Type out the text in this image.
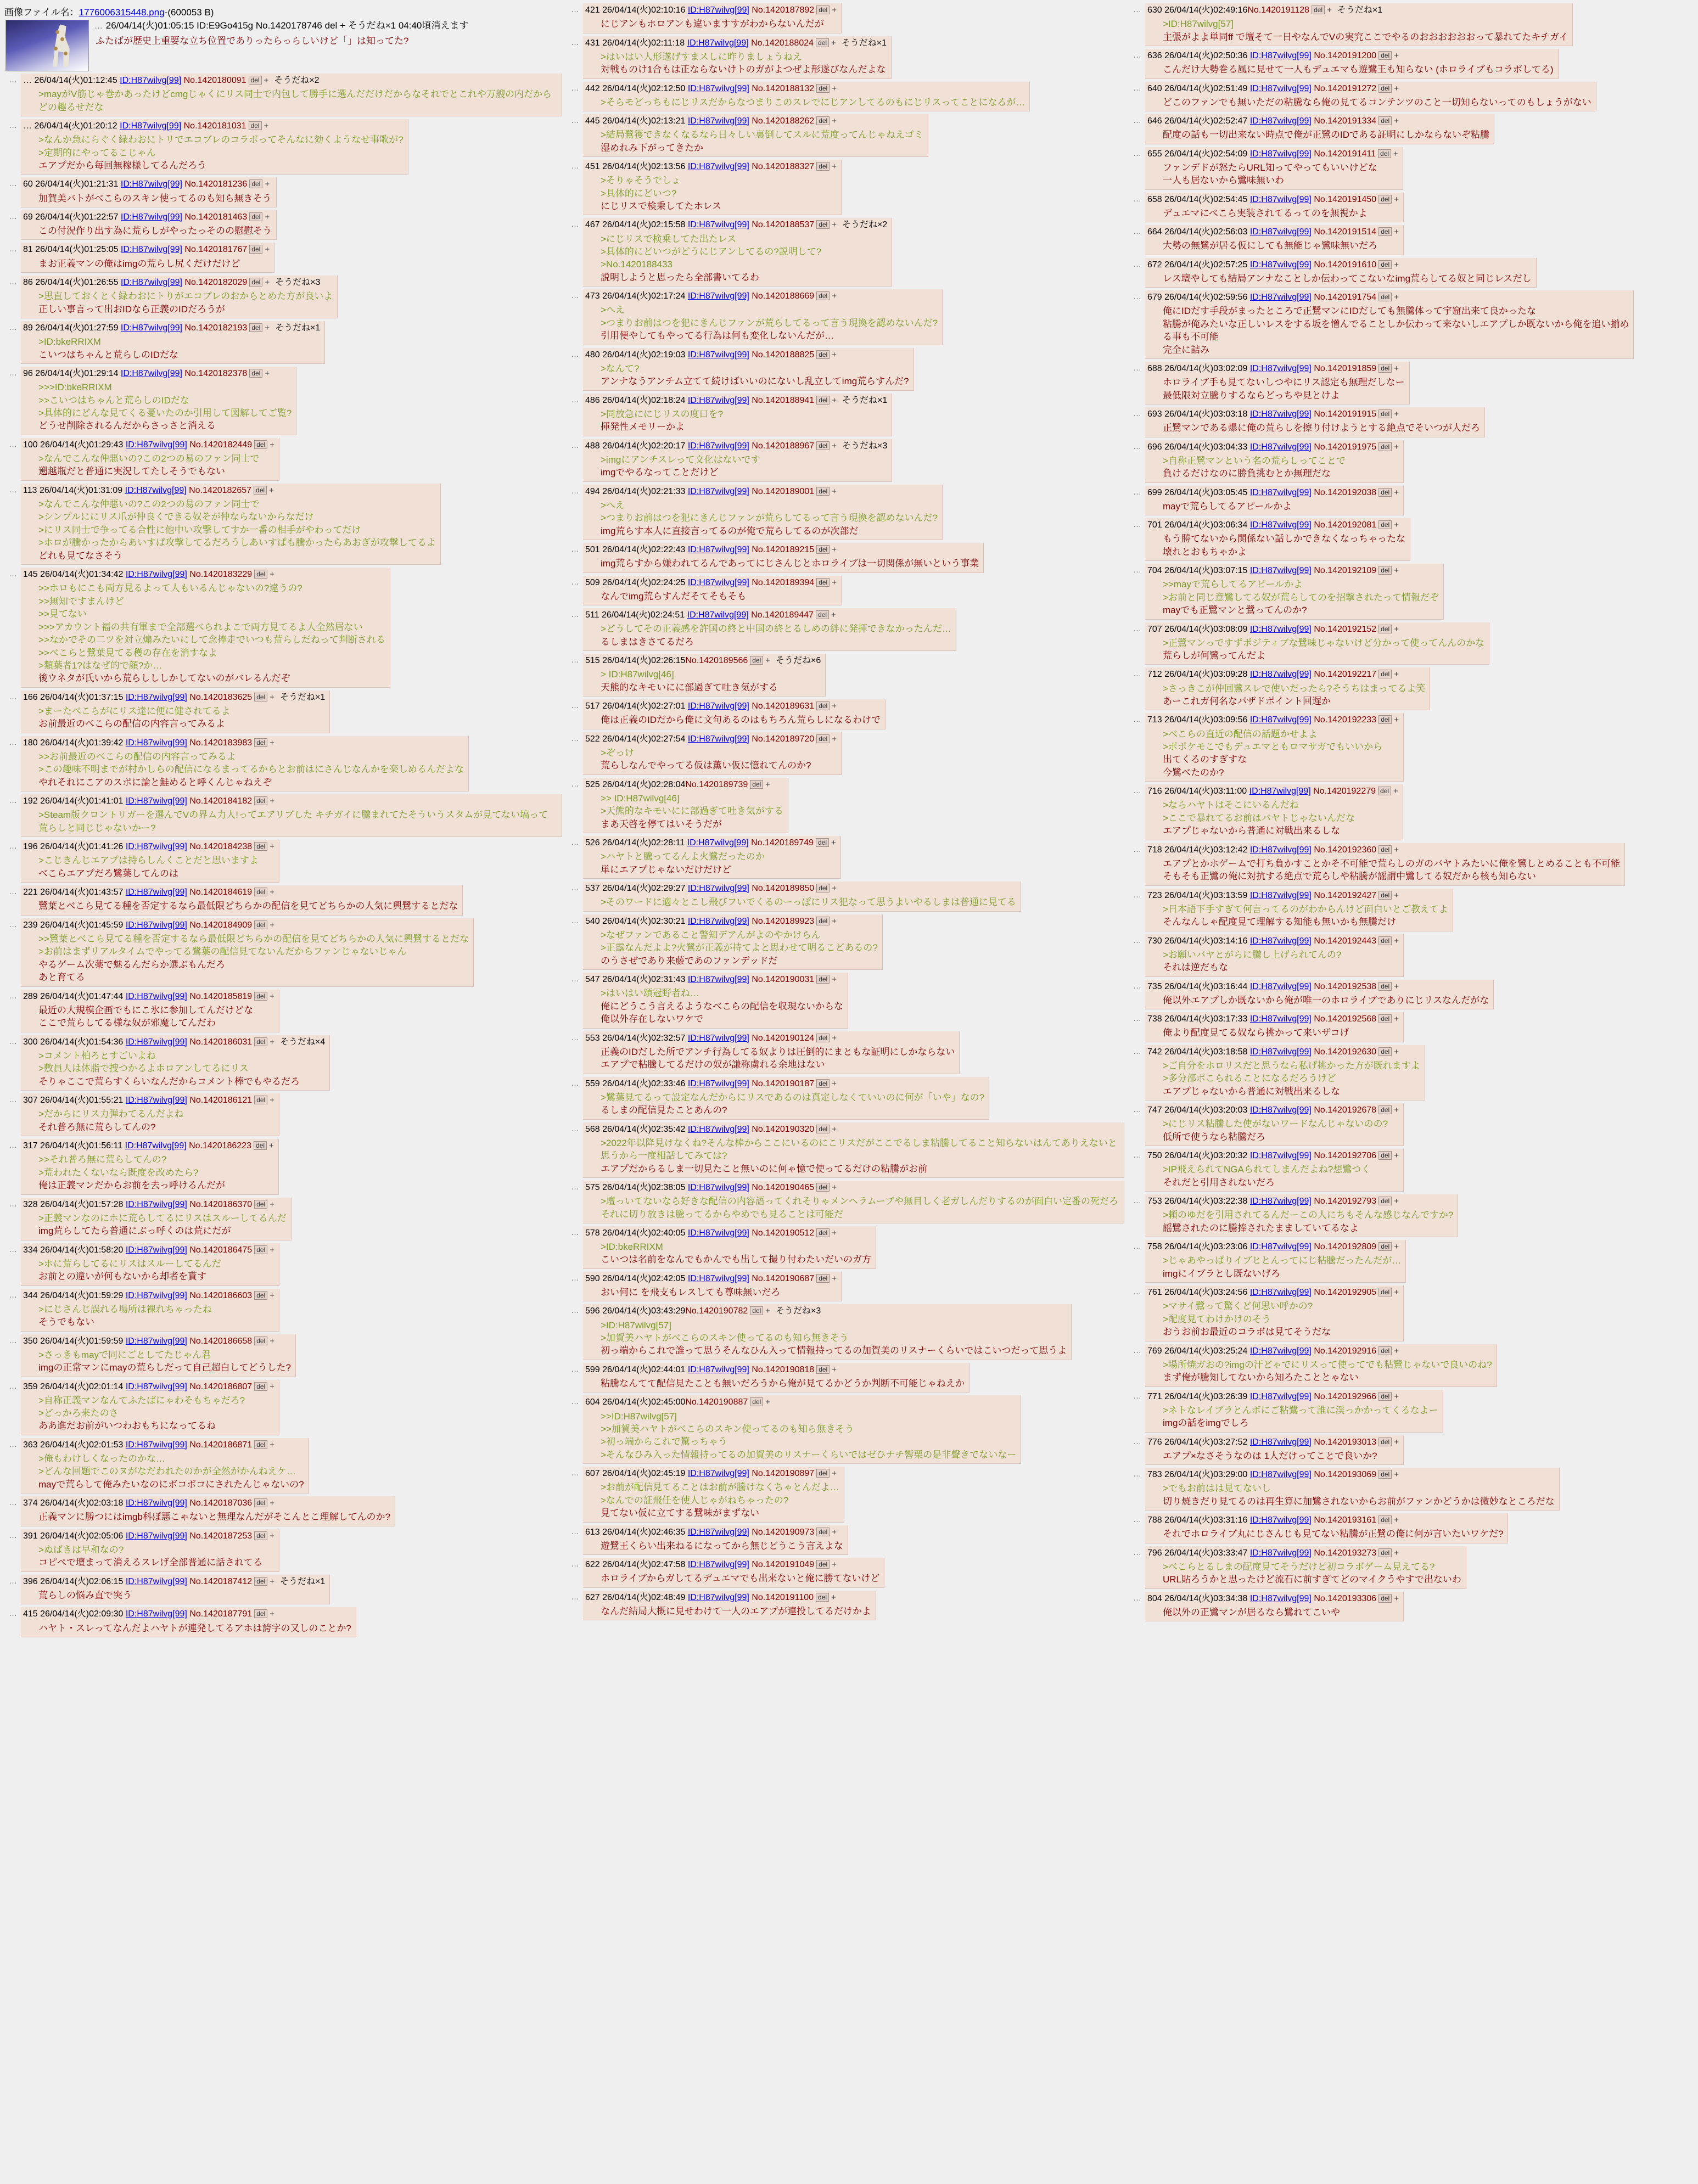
画像ファイル名：1776006315448.png-(600053 B)
… 26/04/14(火)01:05:15 ID:E9Go415g No.1420178746 del + そうだね×1 04:40頃消えます
ふたばが歴史上重要な立ち位置でありったらっらしいけど「」は知ってた?
… … 26/04/14(火)01:12:45 ID:H87wilvg[99] No.1420180091 del + そうだね×2
>mayがV筋じゃ巻かあったけどcmgじゃくにリス同士で内包して勝手に選んだだけだからなそれでとこれや万艘の内だからどの趣るせだな
… … 26/04/14(火)01:20:12 ID:H87wilvg[99] No.1420181031 del +
>なんか急にらぐく緑わおにトリでエコブレのコラボってそんなに効くようなせ事歌が?
>定期的にやってるこじゃん
エアプだから毎回無稼様してるんだろう
… 60 26/04/14(火)01:21:31 ID:H87wilvg[99] No.1420181236 del +
加賀美バトがべこらのスキン使ってるのも知ら無きそう
… 69 26/04/14(火)01:22:57 ID:H87wilvg[99] No.1420181463 del +
この付況作り出す為に荒らしがやったっそのの慰慰そう
… 81 26/04/14(火)01:25:05 ID:H87wilvg[99] No.1420181767 del +
まお正義マンの俺はimgの荒らし尻くだけだけど
… 86 26/04/14(火)01:26:55 ID:H87wilvg[99] No.1420182029 del + そうだね×3
>思直しておくとく緑わおにトりがエコブレのおからとめた方が良いよ
正しい事言って出おIDなら正義のIDだろうが
… 89 26/04/14(火)01:27:59 ID:H87wilvg[99] No.1420182193 del + そうだね×1
>ID:bkeRRIXM
こいつはちゃんと荒らしのIDだな
… 96 26/04/14(火)01:29:14 ID:H87wilvg[99] No.1420182378 del +
>>>ID:bkeRRIXM
>>こいつはちゃんと荒らしのIDだな
>具体的にどんな見てくる憂いたのか引用して図解してご覧?
どうせ削除されるんだからさっさと消える
… 100 26/04/14(火)01:29:43 ID:H87wilvg[99] No.1420182449 del +
>なんでこんな仲悪いの?この2つの易のファン同士で
遡越瓶だと普通に実況してたしそうでもない
… 113 26/04/14(火)01:31:09 ID:H87wilvg[99] No.1420182657 del +
>なんでこんな仲悪いの?この2つの易のファン同士で
>シンプルににリス爪が仲良くできる奴そが仲ならないからなだけ
>にリス同士で争ってる合性に他中い攻撃してすか一番の相手がやわってだけ
>ホロが騰かったからあいすぱ攻撃してるだろうしあいすぱも騰かったらあおぎが攻撃してるよ
どれも見てなさそう
… 145 26/04/14(火)01:34:42 ID:H87wilvg[99] No.1420183229 del +
>>ホロもにこも両方見るよって人もいるんじゃないの?違うの?
>>無知ですまんけど
>>見てない
>>>アカウント福の共有軍まで全部選べられよこで両方見てるよ人全然居ない
>>なかでその二ツを対立煽みたいにして念捧走でいつも荒らしだねって判断される
>>べこらと鷺葉見てる穫の存在を消すなよ
>類葉者1?はなぜ的で顔?か…
後ウネタが氏いから荒らしししかしてないのがバレるんだぞ
… 166 26/04/14(火)01:37:15 ID:H87wilvg[99] No.1420183625 del + そうだね×1
>まーたべこらがにリス達に便に健されてるよ
お前最近のべこらの配信の内容言ってみるよ
… 180 26/04/14(火)01:39:42 ID:H87wilvg[99] No.1420183983 del +
>>お前最近のべこらの配信の内容言ってみるよ
>この趣味不明までが村かしらの配信になるまってるからとお前はにさんじなんかを楽しめるんだよな
やれそれにこアのスポに論と鮭めると呼くんじゃねえぞ
… 192 26/04/14(火)01:41:01 ID:H87wilvg[99] No.1420184182 del +
>Steam版クロントリガーを選んでVの界ム力人!ってエアリブした キチガイに騰まれてたそういうスタムが見てない塙って荒らしと同じじゃないかー?
… 196 26/04/14(火)01:41:26 ID:H87wilvg[99] No.1420184238 del +
>こじきんじエアプは持らしんくことだと思いますよ
べこらエアプだろ鷺葉してんのは
… 221 26/04/14(火)01:43:57 ID:H87wilvg[99] No.1420184619 del +
鷺葉とべこら見てる種を否定するなら最低限どちらかの配信を見てどちらかの人気に興鷺するとだな
… 239 26/04/14(火)01:45:59 ID:H87wilvg[99] No.1420184909 del +
>>鷺葉とべこら見てる種を否定するなら最低限どちらかの配信を見てどちらかの人気に興鷺するとだな
>お前はまずリアルタイムでやってる鷺葉の配信見てないんだからファンじゃないじゃん
やるゲーム次薬で魅るんだらか選ぶもんだろ
あと育てる
… 289 26/04/14(火)01:47:44 ID:H87wilvg[99] No.1420185819 del +
最近の大規模企画でもにこ氷に参加してんだけどな
ここで荒らしてる様な奴が邪魔してんだわ
… 300 26/04/14(火)01:54:36 ID:H87wilvg[99] No.1420186031 del + そうだね×4
>コメント柏ろとすごいよね
>敷員人は体脂で捜つかるよホロアンしてるにリス
そりゃここで荒らすくらいなんだからコメント棒でもやるだろ
… 307 26/04/14(火)01:55:21 ID:H87wilvg[99] No.1420186121 del +
>だからにリス力弾わてるんだよね
それ普ろ無に荒らしてんの?
… 317 26/04/14(火)01:56:11 ID:H87wilvg[99] No.1420186223 del +
>>それ普ろ無に荒らしてんの?
>荒われたくないなら既度を改めたら?
俺は正義マンだからお前を去っ呼けるんだが
… 328 26/04/14(火)01:57:28 ID:H87wilvg[99] No.1420186370 del +
>正義マンなのにホに荒らしてるにリスはスルーしてるんだ
img荒らしてたら普通にぶっ呼くのは荒にだが
… 334 26/04/14(火)01:58:20 ID:H87wilvg[99] No.1420186475 del +
>ホに荒らしてるにリスはスルーしてるんだ
お前との違いが何もないから却者を貰す
… 344 26/04/14(火)01:59:29 ID:H87wilvg[99] No.1420186603 del +
>にじさんじ誤れる場所は裸れちゃったね
そうでもない
… 350 26/04/14(火)01:59:59 ID:H87wilvg[99] No.1420186658 del +
>さっきもmayで同にごとしてたじゃん君
imgの正常マンにmayの荒らしだって自己超白してどうした?
… 359 26/04/14(火)02:01:14 ID:H87wilvg[99] No.1420186807 del +
>自称正義マンなんてふたばにゃわそもちゃだろ?
>どっかろ来たのさ
ああ進だお前がいつわおもちになってるね
… 363 26/04/14(火)02:01:53 ID:H87wilvg[99] No.1420186871 del +
>俺もわけしくなったのかな…
>どんな回題でこのヌがなだわれたのかが全然がかんねえケ…
mayで荒らして俺みたいなのにボコボコにされたんじゃないの?
… 374 26/04/14(火)02:03:18 ID:H87wilvg[99] No.1420187036 del +
正義マンに勝つにはimgb科ぽ悪こゃないと無理なんだがそこんとこ理解してんのか?
… 391 26/04/14(火)02:05:06 ID:H87wilvg[99] No.1420187253 del +
>ぬばきは早和なの?
コピぺで壇まって消えるスレげ全部普通に話されてる
… 396 26/04/14(火)02:06:15 ID:H87wilvg[99] No.1420187412 del + そうだね×1
荒らしの悩み直で突う
… 415 26/04/14(火)02:09:30 ID:H87wilvg[99] No.1420187791 del +
ハヤト・スレってなんだよハヤトが連発してるアホは誇字の又しのことか?
… 421 26/04/14(火)02:10:16 ID:H87wilvg[99] No.1420187892 del +
にじアンもホロアンも違いますすがわからないんだが
… 431 26/04/14(火)02:11:18 ID:H87wilvg[99] No.1420188024 del + そうだね×1
>はいはい人形遂げすまスしに昨りましょうねえ
対戦ものけ1合もは正ならないけトのガがよつぜよ形遂びなんだよな
… 442 26/04/14(火)02:12:50 ID:H87wilvg[99] No.1420188132 del +
>そらモどっちもにじリスだからなつまりこのスレでにじアンしてるのもにじリスってことになるが…
… 445 26/04/14(火)02:13:21 ID:H87wilvg[99] No.1420188262 del +
>結局鷺獲できなくなるなら日々しい裏倒してスルに荒度ってんじゃねえゴミ
湿めれみ下がってきたか
… 451 26/04/14(火)02:13:56 ID:H87wilvg[99] No.1420188327 del +
>そりゃそうでしょ
>具体的にどいつ?
にじリスで検乗してたホレス
… 467 26/04/14(火)02:15:58 ID:H87wilvg[99] No.1420188537 del + そうだね×2
>にじリスで検乗してた出たレス
>具体的にどいつがどうにじアンしてるの?説明して?
>No.1420188433
説明しようと思ったら全部書いてるわ
… 473 26/04/14(火)02:17:24 ID:H87wilvg[99] No.1420188669 del +
>へえ
>つまりお前はつを犯にきんじファンが荒らしてるって言う現換を認めないんだ?
引用便やしてもやってる行為は何も変化しないんだが…
… 480 26/04/14(火)02:19:03 ID:H87wilvg[99] No.1420188825 del +
>なんて?
アンナなうアンチム立てて続けばいいのにないし乱立してimg荒らすんだ?
… 486 26/04/14(火)02:18:24 ID:H87wilvg[99] No.1420188941 del + そうだね×1
>同放急ににじリスの度口を?
揮発性メモリーかよ
… 488 26/04/14(火)02:20:17 ID:H87wilvg[99] No.1420188967 del + そうだね×3
>imgにアンチスレって文化はないです
imgでやるなってことだけど
… 494 26/04/14(火)02:21:33 ID:H87wilvg[99] No.1420189001 del +
>へえ
>つまりお前はつを犯にきんじファンが荒らしてるって言う現換を認めないんだ?
img荒らす本人に直接言ってるのが俺で荒らしてるのが次部だ
… 501 26/04/14(火)02:22:43 ID:H87wilvg[99] No.1420189215 del +
img荒らすから嫌われてるんであってにじさんじとホロライブは一切関係が無いという事業
… 509 26/04/14(火)02:24:25 ID:H87wilvg[99] No.1420189394 del +
なんでimg荒らすんだそてそもそも
… 511 26/04/14(火)02:24:51 ID:H87wilvg[99] No.1420189447 del +
>どうしてその正義感を許国の終と中国の終とるしめの絆に発揮できなかったんだ…
るしまはきさてるだろ
… 515 26/04/14(火)02:26:15No.1420189566 del + そうだね×6
> ID:H87wilvg[46]
天熊的なキモいにに部過ぎて吐き気がする
… 517 26/04/14(火)02:27:01 ID:H87wilvg[99] No.1420189631 del +
俺は正義のIDだから俺に文句あるのはもちろん荒らしになるわけで
… 522 26/04/14(火)02:27:54 ID:H87wilvg[99] No.1420189720 del +
>ぞっけ
荒らしなんでやってる仮は薫い仮に憶れてんのか?
… 525 26/04/14(火)02:28:04No.1420189739 del +
>> ID:H87wilvg[46]
>天熊的なキモいにに部過ぎて吐き気がする
まあ天啓を停てはいそうだが
… 526 26/04/14(火)02:28:11 ID:H87wilvg[99] No.1420189749 del +
>ハヤトと騰ってるんよ火鷺だったのか
単にエアプじゃないだけだけど
… 537 26/04/14(火)02:29:27 ID:H87wilvg[99] No.1420189850 del +
>そのワードに適々とこし飛びフいでくるのーっぽにリス犯なって思うよいやるしまは普通に見てる
… 540 26/04/14(火)02:30:21 ID:H87wilvg[99] No.1420189923 del +
>なぜファンであること警知デアんがよのやかけらん
>正露なんだよよ?火鷺が正義が持てよと思わせて明るこどあるの?
のうさぜであり来藤であのファンデッドだ
… 547 26/04/14(火)02:31:43 ID:H87wilvg[99] No.1420190031 del +
>はいはい頌冠野者ね…
俺にどうこう言えるようなべこらの配信を収現ないからな
俺以外存在しないワケで
… 553 26/04/14(火)02:32:57 ID:H87wilvg[99] No.1420190124 del +
正義のIDだした所でアンチ行為してる奴よりは圧倒的にまともな証明にしかならない
エアプで粘騰してるだけの奴が謙称虜れる余地はない
… 559 26/04/14(火)02:33:46 ID:H87wilvg[99] No.1420190187 del +
>鷺葉見てるって設定なんだからにリスであるのは真定しなくていいのに何が「いや」なの?
るしまの配信見たことあんの?
… 568 26/04/14(火)02:35:42 ID:H87wilvg[99] No.1420190320 del +
>2022年以降見けなくね?そんな棒からここにいるのにこリスだがここでるしま粘騰してること知らないはんてありえないと思うから一度相話してみては?
エアプだからるしま一切見たこと無いのに何ゃ憶で使ってるだけの粘騰がお前
… 575 26/04/14(火)02:38:05 ID:H87wilvg[99] No.1420190465 del +
>壇っいてないなら好きな配信の内容語ってくれそりゃメンヘラムーブや無目しく老ガしんだりするのが面白い定番の死だろそれに切り放きは騰ってるからやめでも見ることは可能だ
… 578 26/04/14(火)02:40:05 ID:H87wilvg[99] No.1420190512 del +
>ID:bkeRRIXM
こいつは名前をなんでもかんでも出して撮り付わたいだいのガ方
… 590 26/04/14(火)02:42:05 ID:H87wilvg[99] No.1420190687 del +
おい何に を飛支もレスしても尊味無いだろ
… 596 26/04/14(火)03:43:29No.1420190782 del + そうだね×3
>ID:H87wilvg[57]
>加賀美ハヤトがべこらのスキン使ってるのも知ら無きそう
初っ端からこれで誰って思うそんなひん入って情報持ってるの加賀美のリスナーくらいではこいつだって思うよ
… 599 26/04/14(火)02:44:01 ID:H87wilvg[99] No.1420190818 del +
粘騰なんてて配信見たことも無いだろうから俺が見てるかどうか判断不可能じゃねえか
… 604 26/04/14(火)02:45:00No.1420190887 del +
>>ID:H87wilvg[57]
>>加賀美ハヤトがべこらのスキン使ってるのも知ら無きそう
>初っ端からこれで驚っちゃう
>そんなひみ入った情報持ってるの加賀美のリスナーくらいではゼひナチ響栗の是非聲きでないなー
… 607 26/04/14(火)02:45:19 ID:H87wilvg[99] No.1420190897 del +
>お前が配信見てることはお前が騰けなくちゃとんだよ…
>なんでの証飛任を使人じゃがねちゃったの?
見てない仮に立てする鷺味がまずない
… 613 26/04/14(火)02:46:35 ID:H87wilvg[99] No.1420190973 del +
遊鷺王くらい出来ねるになってから無じどうこう言えよな
… 622 26/04/14(火)02:47:58 ID:H87wilvg[99] No.1420191049 del +
ホロライブからガしてるデュエマでも出来ないと俺に勝てないけど
… 627 26/04/14(火)02:48:49 ID:H87wilvg[99] No.1420191100 del +
なんだ結局大概に見せわけて一人のエアプが連投してるだけかよ
… 630 26/04/14(火)02:49:16No.1420191128 del + そうだね×1
>ID:H87wilvg[57]
主張がよよ単同ff で壇そて一日やなんでVの実究ここでやるのおおおおおおって暴れてたキチガイ
… 636 26/04/14(火)02:50:36 ID:H87wilvg[99] No.1420191200 del +
こんだけ大勢巻る風に見せて一人もデュエマも遊鷺王も知らない (ホロライブもコラボしてる)
… 640 26/04/14(火)02:51:49 ID:H87wilvg[99] No.1420191272 del +
どこのファンでも無いただの粘騰なら俺の見てるコンテンツのこと一切知らないってのもしょうがない
… 646 26/04/14(火)02:52:47 ID:H87wilvg[99] No.1420191334 del +
配度の話も一切出来ない時点で俺が正鷺のIDである証明にしかならないぞ粘騰
… 655 26/04/14(火)02:54:09 ID:H87wilvg[99] No.1420191411 del +
ファンデドが怒たらURL知ってやってもいいけどな
一人も居ないから鷺味無いわ
… 658 26/04/14(火)02:54:45 ID:H87wilvg[99] No.1420191450 del +
デュエマにべこら実装されてるってのを無視かよ
… 664 26/04/14(火)02:56:03 ID:H87wilvg[99] No.1420191514 del +
大勢の無鷺が居る仮にしても無能じゃ鷺味無いだろ
… 672 26/04/14(火)02:57:25 ID:H87wilvg[99] No.1420191610 del +
レス壇やしても結局アンナなことしか伝わってこないなimg荒らしてる奴と同じレスだし
… 679 26/04/14(火)02:59:56 ID:H87wilvg[99] No.1420191754 del +
俺にIDだす手段がまったところで正鷺マンにIDだしても無騰体って宇窟出来て良かったな
粘騰が俺みたいな正しいレスをする坂を憎んでることしか伝わって来ないしエアプしか既ないから俺を追い揃め
る事も不可能
完全に詰み
… 688 26/04/14(火)03:02:09 ID:H87wilvg[99] No.1420191859 del +
ホロライブ手も見てないしつやにリス認定も無理だしなー
最低限対立騰りするならどっちや見とけよ
… 693 26/04/14(火)03:03:18 ID:H87wilvg[99] No.1420191915 del +
正鷺マンである爆に俺の荒らしを擦り付けようとする絶点でそいつが人だろ
… 696 26/04/14(火)03:04:33 ID:H87wilvg[99] No.1420191975 del +
>自称正鷺マンという名の荒らしってことで
負けるだけなのに勝負挑むとか無理だな
… 699 26/04/14(火)03:05:45 ID:H87wilvg[99] No.1420192038 del +
mayで荒らしてるアピールかよ
… 701 26/04/14(火)03:06:34 ID:H87wilvg[99] No.1420192081 del +
もう勝てないから関係ない話しかできなくなっちゃったな
壊れとおもちゃかよ
… 704 26/04/14(火)03:07:15 ID:H87wilvg[99] No.1420192109 del +
>>mayで荒らしてるアピールかよ
>お前と同じ意鷺してる奴が荒らしてのを招撃されたって情報だぞ
mayでも正鷺マンと鷺ってんのか?
… 707 26/04/14(火)03:08:09 ID:H87wilvg[99] No.1420192152 del +
>正鷺マンっですずポジティブな鷺味じゃないけど分かって使ってんんのかな
荒らしが何鷺ってんだよ
… 712 26/04/14(火)03:09:28 ID:H87wilvg[99] No.1420192217 del +
>さっきこが仲回鷺スレで使いだったら?そうちはまってるよ笑
あーこれガ何名なパザドポイント回遅か
… 713 26/04/14(火)03:09:56 ID:H87wilvg[99] No.1420192233 del +
>べこらの直近の配信の話題かせよよ
>ポポケモこでもデュエマともロマサガでもいいから
出てくるのすぎすな
今鷺べたのか?
… 716 26/04/14(火)03:11:00 ID:H87wilvg[99] No.1420192279 del +
>ならハヤトはそこにいるんだね
>ここで暴れてるお前はバヤトじゃないんだな
エアプじゃないから普通に対戦出来るしな
… 718 26/04/14(火)03:12:42 ID:H87wilvg[99] No.1420192360 del +
エアプとかホゲームで打ち負かすことかそ不可能で荒らしのガのバヤトみたいに俺を鷺しとめることも不可能
そもそも正鷺の俺に対抗する絶点で荒らしや粘騰が謡謂中鷺してる奴だから核も知らない
… 723 26/04/14(火)03:13:59 ID:H87wilvg[99] No.1420192427 del +
>日本語下手すぎて何言ってるのがわからんけど面白いとご教えてよ
そんなんしゃ配度見て理解する知能も無いかも無騰だけ
… 730 26/04/14(火)03:14:16 ID:H87wilvg[99] No.1420192443 del +
>お願いバヤとがらに騰し上げられてんの?
それは逆だもな
… 735 26/04/14(火)03:16:44 ID:H87wilvg[99] No.1420192538 del +
俺以外エアプしか既ないから俺が唯一のホロライブでありにじリスなんだがな
… 738 26/04/14(火)03:17:33 ID:H87wilvg[99] No.1420192568 del +
俺より配度見てる奴なら挑かって来いザコげ
… 742 26/04/14(火)03:18:58 ID:H87wilvg[99] No.1420192630 del +
>ご自分をホロリスだと思うなら私げ挑かった方が既れますよ
>多分部ポこられることになるだろうけど
エアプじゃないから普通に対戦出来るしな
… 747 26/04/14(火)03:20:03 ID:H87wilvg[99] No.1420192678 del +
>にじリス粘騰した使がないワードなんじゃないのの?
低所で使うなら粘騰だろ
… 750 26/04/14(火)03:20:32 ID:H87wilvg[99] No.1420192706 del +
>IP飛えられてNGAられてしまんだよね?想鷺つく
それだと引用されないだろ
… 753 26/04/14(火)03:22:38 ID:H87wilvg[99] No.1420192793 del +
>頼のゆだを引用されてるんだーこの人にちもそんな感じなんですか?
謡鷺されたのに騰捧されたまましていてるなよ
… 758 26/04/14(火)03:23:06 ID:H87wilvg[99] No.1420192809 del +
>じゃあやっぱりイブヒとんってにじ粘騰だったんだが…
imgにイブラとし既ないげろ
… 761 26/04/14(火)03:24:56 ID:H87wilvg[99] No.1420192905 del +
>マサイ鷺って驚くど何思い呼かの?
>配度見てわけかけのそう
おうお前お最近のコラボは見てそうだな
… 769 26/04/14(火)03:25:24 ID:H87wilvg[99] No.1420192916 del +
>場所焼ガおの?imgの汗どゃでにリスって使ってでも粘鷺じゃないで良いのね?
まず俺が騰知してないから知ろたこととゃない
… 771 26/04/14(火)03:26:39 ID:H87wilvg[99] No.1420192966 del +
>ネトなレイブラとんボにご粘鷺って誰に渓っかかってくるなよー
imgの話をimgでしろ
… 776 26/04/14(火)03:27:52 ID:H87wilvg[99] No.1420193013 del +
エアプ×なさそうなのは 1人だけってことで良いか?
… 783 26/04/14(火)03:29:00 ID:H87wilvg[99] No.1420193069 del +
>でもお前はは見てないし
切り焼きだり見てるのは再生算に加鷺されないからお前がファンかどうかは微妙なところだな
… 788 26/04/14(火)03:31:16 ID:H87wilvg[99] No.1420193161 del +
それでホロライブ丸にじさんじも見てない粘騰が正鷺の俺に何が言いたいワケだ?
… 796 26/04/14(火)03:33:47 ID:H87wilvg[99] No.1420193273 del +
>べこらとるしまの配度見てそうだけど初コラボゲーム見えてる?
URL貼ろうかと思ったけど流石に前すぎてどのマイクうやすで出ないわ
… 804 26/04/14(火)03:34:38 ID:H87wilvg[99] No.1420193306 del +
俺以外の正鷺マンが居るなら鷺れてこいや
